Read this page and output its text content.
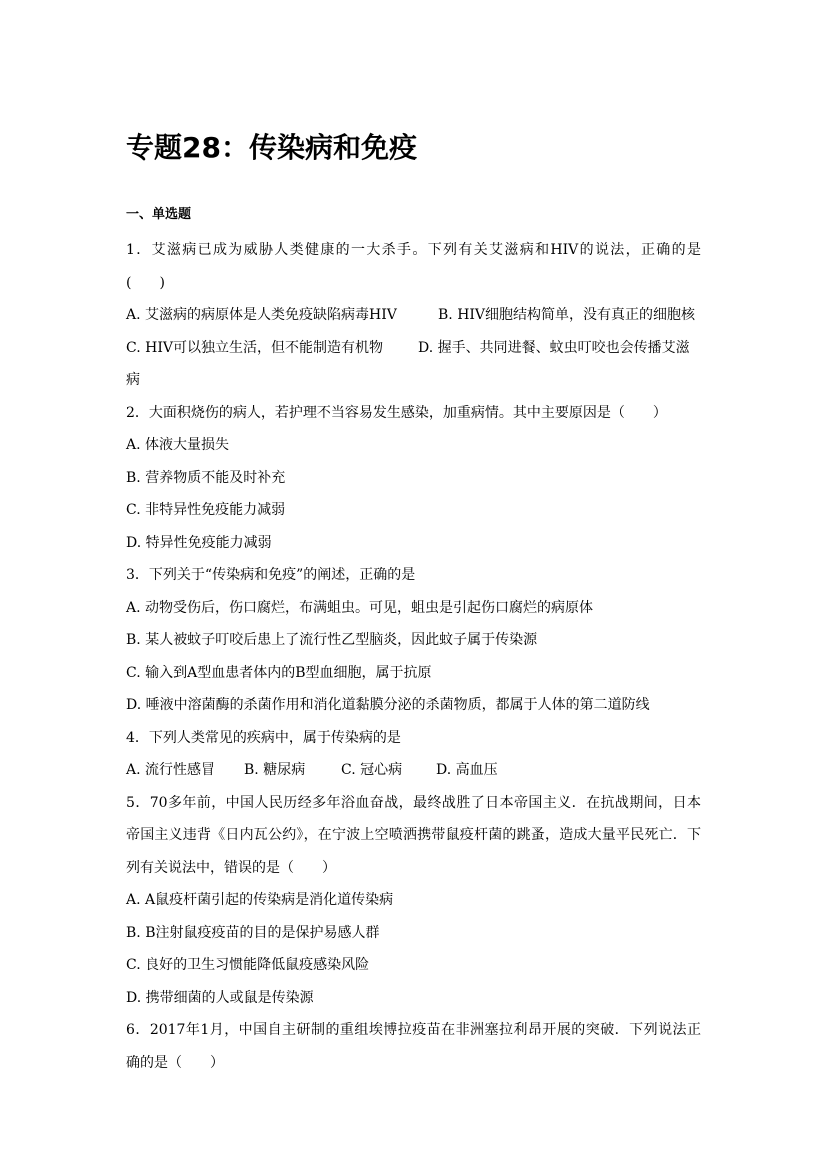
专题28：传染病和免疫
一、单选题
1．艾滋病已成为威胁人类健康的一大杀手。下列有关艾滋病和HIV的说法，正确的是
(　　)
A. 艾滋病的病原体是人类免疫缺陷病毒HIV	B. HIV细胞结构简单，没有真正的细胞核
C. HIV可以独立生活，但不能制造有机物	D. 握手、共同进餐、蚊虫叮咬也会传播艾滋
病
2．大面积烧伤的病人，若护理不当容易发生感染，加重病情。其中主要原因是（　　）
A. 体液大量损失
B. 营养物质不能及时补充
C. 非特异性免疫能力减弱
D. 特异性免疫能力减弱
3．下列关于“传染病和免疫”的阐述，正确的是
A. 动物受伤后，伤口腐烂，布满蛆虫。可见，蛆虫是引起伤口腐烂的病原体
B. 某人被蚊子叮咬后患上了流行性乙型脑炎，因此蚊子属于传染源
C. 输入到A型血患者体内的B型血细胞，属于抗原
D. 唾液中溶菌酶的杀菌作用和消化道黏膜分泌的杀菌物质，都属于人体的第二道防线
4．下列人类常见的疾病中，属于传染病的是
A. 流行性感冒 B. 糖尿病	C. 冠心病 D. 高血压
5．70多年前，中国人民历经多年浴血奋战，最终战胜了日本帝国主义．在抗战期间，日本
帝国主义违背《日内瓦公约》，在宁波上空喷洒携带鼠疫杆菌的跳蚤，造成大量平民死亡．下
列有关说法中，错误的是（　　）
A. A鼠疫杆菌引起的传染病是消化道传染病
B. B注射鼠疫疫苗的目的是保护易感人群
C. 良好的卫生习惯能降低鼠疫感染风险
D. 携带细菌的人或鼠是传染源
6．2017年1月，中国自主研制的重组埃博拉疫苗在非洲塞拉利昂开展的突破．下列说法正
确的是（　　）
